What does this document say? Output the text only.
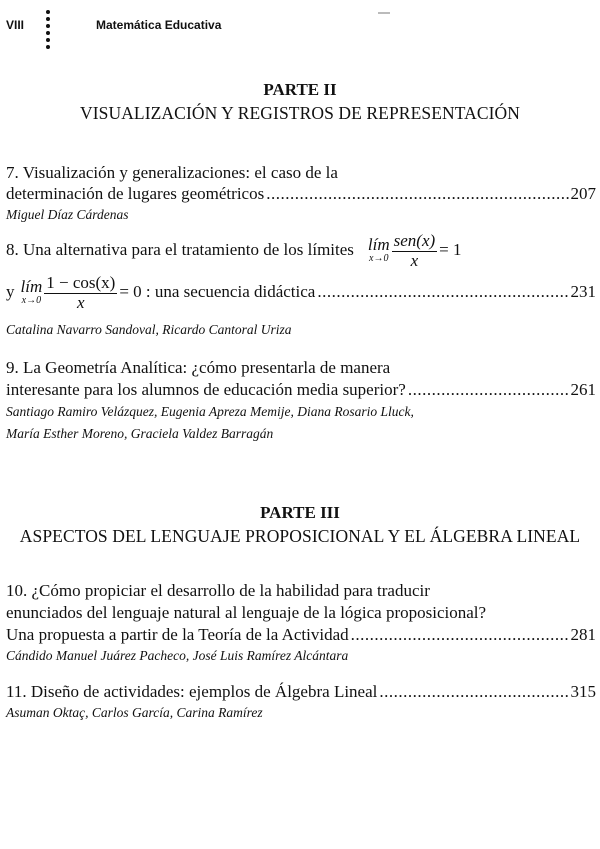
VIII	Matemática Educativa
PARTE II
VISUALIZACIÓN Y REGISTROS DE REPRESENTACIÓN
7. Visualización y generalizaciones: el caso de la
determinación de lugares geométricos .....	207
Miguel Díaz Cárdenas
8. Una alternativa para el tratamiento de los límites lím
$x\to 0 \frac{\text{sen(x)}}{x} = 1$
y lím
$x\to 0 \frac{1 - \cos(x)}{x} = 0$ : una secuencia didáctica .....	231
Catalina Navarro Sandoval, Ricardo Cantoral Uriza
9. La Geometría Analítica: ¿cómo presentarla de manera
interesante para los alumnos de educación media superior? .....	261
Santiago Ramiro Velázquez, Eugenia Apreza Memije, Diana Rosario Lluck,
María Esther Moreno, Graciela Valdez Barragán
PARTE III
ASPECTOS DEL LENGUAJE PROPOSICIONAL Y EL ÁLGEBRA LINEAL
10. ¿Cómo propiciar el desarrollo de la habilidad para traducir
enunciados del lenguaje natural al lenguaje de la lógica proposicional?
Una propuesta a partir de la Teoría de la Actividad .....	281
Cándido Manuel Juárez Pacheco, José Luis Ramírez Alcántara
11. Diseño de actividades: ejemplos de Álgebra Lineal .....	315
Asuman Oktaç, Carlos García, Carina Ramírez
